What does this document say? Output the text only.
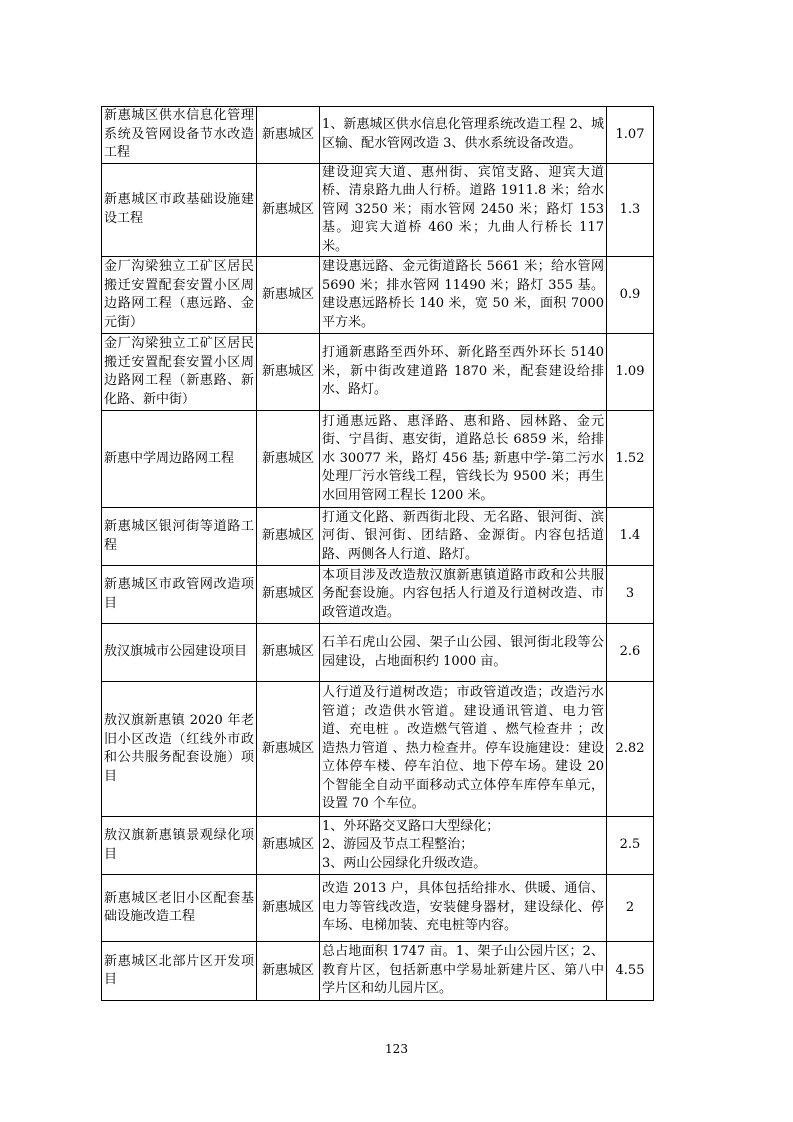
新惠城区供水信息化管理系统及管网设备节水改造工程	新惠城区	1、新惠城区供水信息化管理系统改造工程 2、城区输、配水管网改造 3、供水系统设备改造。	1.07
新惠城区市政基础设施建设工程	新惠城区	建设迎宾大道、惠州街、宾馆支路、迎宾大道桥、清泉路九曲人行桥。道路 1911.8 米；给水管网 3250 米；雨水管网 2450 米；路灯 153 基。迎宾大道桥 460 米；九曲人行桥长 117 米。	1.3
金厂沟梁独立工矿区居民搬迁安置配套安置小区周边路网工程（惠远路、金元街）	新惠城区	建设惠远路、金元街道路长 5661 米；给水管网 5690 米；排水管网 11490 米；路灯 355 基。建设惠远路桥长 140 米，宽 50 米，面积 7000 平方米。	0.9
金厂沟梁独立工矿区居民搬迁安置配套安置小区周边路网工程（新惠路、新化路、新中街）	新惠城区	打通新惠路至西外环、新化路至西外环长 5140 米，新中街改建道路 1870 米，配套建设给排水、路灯。	1.09
新惠中学周边路网工程	新惠城区	打通惠远路、惠泽路、惠和路、园林路、金元街、宁昌街、惠安街，道路总长 6859 米，给排水 30077 米，路灯 456 基; 新惠中学-第二污水处理厂污水管线工程，管线长为 9500 米；再生水回用管网工程长 1200 米。	1.52
新惠城区银河街等道路工程	新惠城区	打通文化路、新西街北段、无名路、银河街、滨河街、银河街、团结路、金源街。内容包括道路、两侧各人行道、路灯。	1.4
新惠城区市政管网改造项目	新惠城区	本项目涉及改造敖汉旗新惠镇道路市政和公共服务配套设施。内容包括人行道及行道树改造、市政管道改造。	3
敖汉旗城市公园建设项目	新惠城区	石羊石虎山公园、架子山公园、银河街北段等公园建设，占地面积约 1000 亩。	2.6
敖汉旗新惠镇 2020 年老旧小区改造（红线外市政和公共服务配套设施）项目	新惠城区	人行道及行道树改造；市政管道改造；改造污水管道；改造供水管道。建设通讯管道、电力管道、充电桩 。改造燃气管道 、燃气检查井 ；改造热力管道 、热力检查井。停车设施建设：建设立体停车楼、停车泊位、地下停车场。建设 20 个智能全自动平面移动式立体停车库停车单元，设置 70 个车位。	2.82
敖汉旗新惠镇景观绿化项目	新惠城区	1、外环路交叉路口大型绿化；
2、游园及节点工程整治；
3、两山公园绿化升级改造。	2.5
新惠城区老旧小区配套基础设施改造工程	新惠城区	改造 2013 户，具体包括给排水、供暖、通信、电力等管线改造，安装健身器材，建设绿化、停车场、电梯加装、充电桩等内容。	2
新惠城区北部片区开发项目	新惠城区	总占地面积 1747 亩。1、架子山公园片区；2、教育片区，包括新惠中学易址新建片区、第八中学片区和幼儿园片区。	4.55
123
